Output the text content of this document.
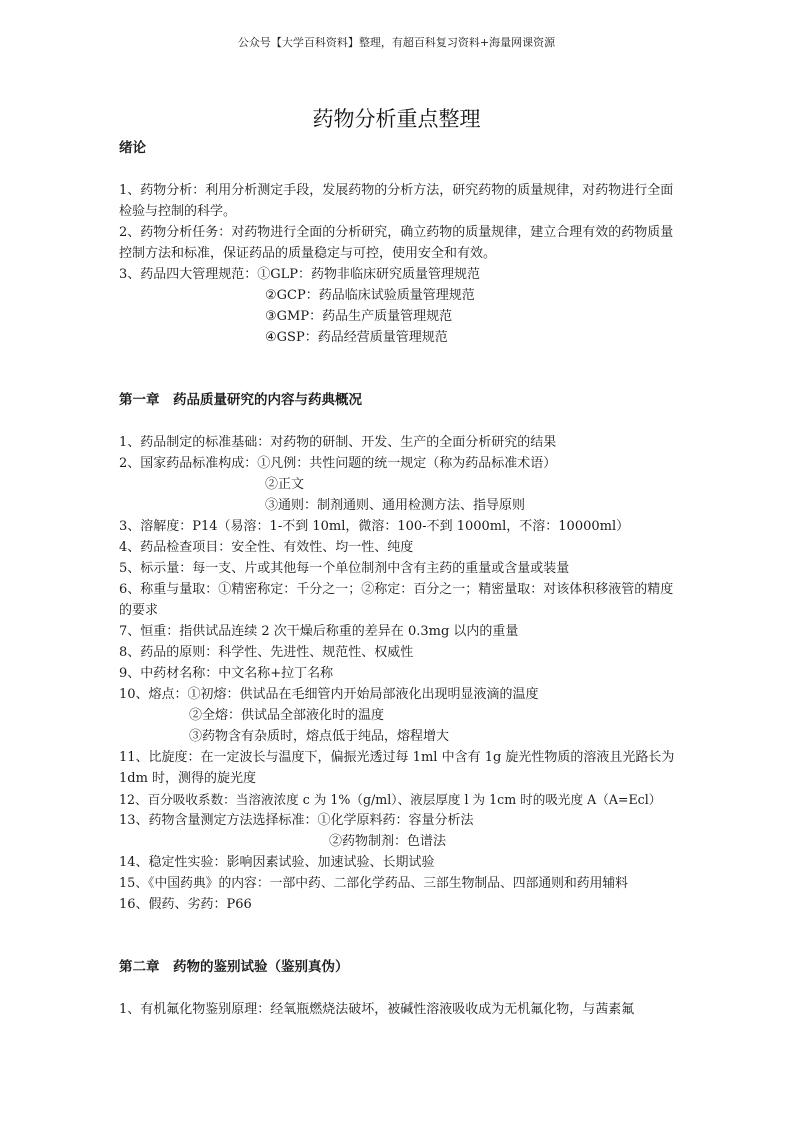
公众号【大学百科资料】整理，有超百科复习资料+海量网课资源
药物分析重点整理
绪论
1、药物分析：利用分析测定手段，发展药物的分析方法，研究药物的质量规律，对药物进行全面检验与控制的科学。
2、药物分析任务：对药物进行全面的分析研究，确立药物的质量规律，建立合理有效的药物质量控制方法和标准，保证药品的质量稳定与可控，使用安全和有效。
3、药品四大管理规范：①GLP：药物非临床研究质量管理规范
②GCP：药品临床试验质量管理规范
③GMP：药品生产质量管理规范
④GSP：药品经营质量管理规范
第一章　药品质量研究的内容与药典概况
1、药品制定的标准基础：对药物的研制、开发、生产的全面分析研究的结果
2、国家药品标准构成：①凡例：共性问题的统一规定（称为药品标准术语）
②正文
③通则：制剂通则、通用检测方法、指导原则
3、溶解度：P14（易溶：1-不到 10ml，微溶：100-不到 1000ml，不溶：10000ml）
4、药品检查项目：安全性、有效性、均一性、纯度
5、标示量：每一支、片或其他每一个单位制剂中含有主药的重量或含量或装量
6、称重与量取：①精密称定：千分之一；②称定：百分之一；精密量取：对该体积移液管的精度的要求
7、恒重：指供试品连续 2 次干燥后称重的差异在 0.3mg 以内的重量
8、药品的原则：科学性、先进性、规范性、权威性
9、中药材名称：中文名称+拉丁名称
10、熔点：①初熔：供试品在毛细管内开始局部液化出现明显液滴的温度
②全熔：供试品全部液化时的温度
③药物含有杂质时，熔点低于纯品，熔程增大
11、比旋度：在一定波长与温度下，偏振光透过每 1ml 中含有 1g 旋光性物质的溶液且光路长为 1dm 时，测得的旋光度
12、百分吸收系数：当溶液浓度 c 为 1%（g/ml）、液层厚度 l 为 1cm 时的吸光度 A（A=Ecl）
13、药物含量测定方法选择标准：①化学原料药：容量分析法
②药物制剂：色谱法
14、稳定性实验：影响因素试验、加速试验、长期试验
15、《中国药典》的内容：一部中药、二部化学药品、三部生物制品、四部通则和药用辅料
16、假药、劣药：P66
第二章　药物的鉴别试验（鉴别真伪）
1、有机氟化物鉴别原理：经氧瓶燃烧法破坏，被碱性溶液吸收成为无机氟化物，与茜素氟
